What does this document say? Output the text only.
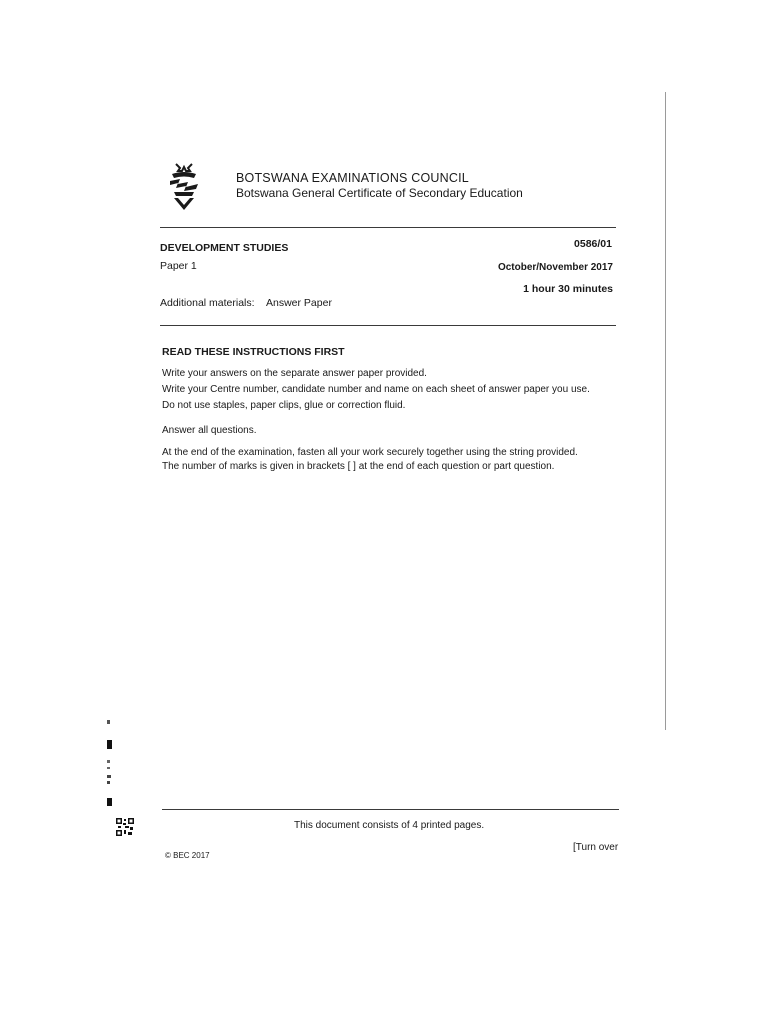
BOTSWANA EXAMINATIONS COUNCIL
Botswana General Certificate of Secondary Education
DEVELOPMENT STUDIES	0586/01
Paper 1	October/November 2017
1 hour 30 minutes
Additional materials: Answer Paper
READ THESE INSTRUCTIONS FIRST
Write your answers on the separate answer paper provided.
Write your Centre number, candidate number and name on each sheet of answer paper you use.
Do not use staples, paper clips, glue or correction fluid.
Answer all questions.
At the end of the examination, fasten all your work securely together using the string provided.
The number of marks is given in brackets [ ] at the end of each question or part question.
This document consists of 4 printed pages.
© BEC 2017
[Turn over
